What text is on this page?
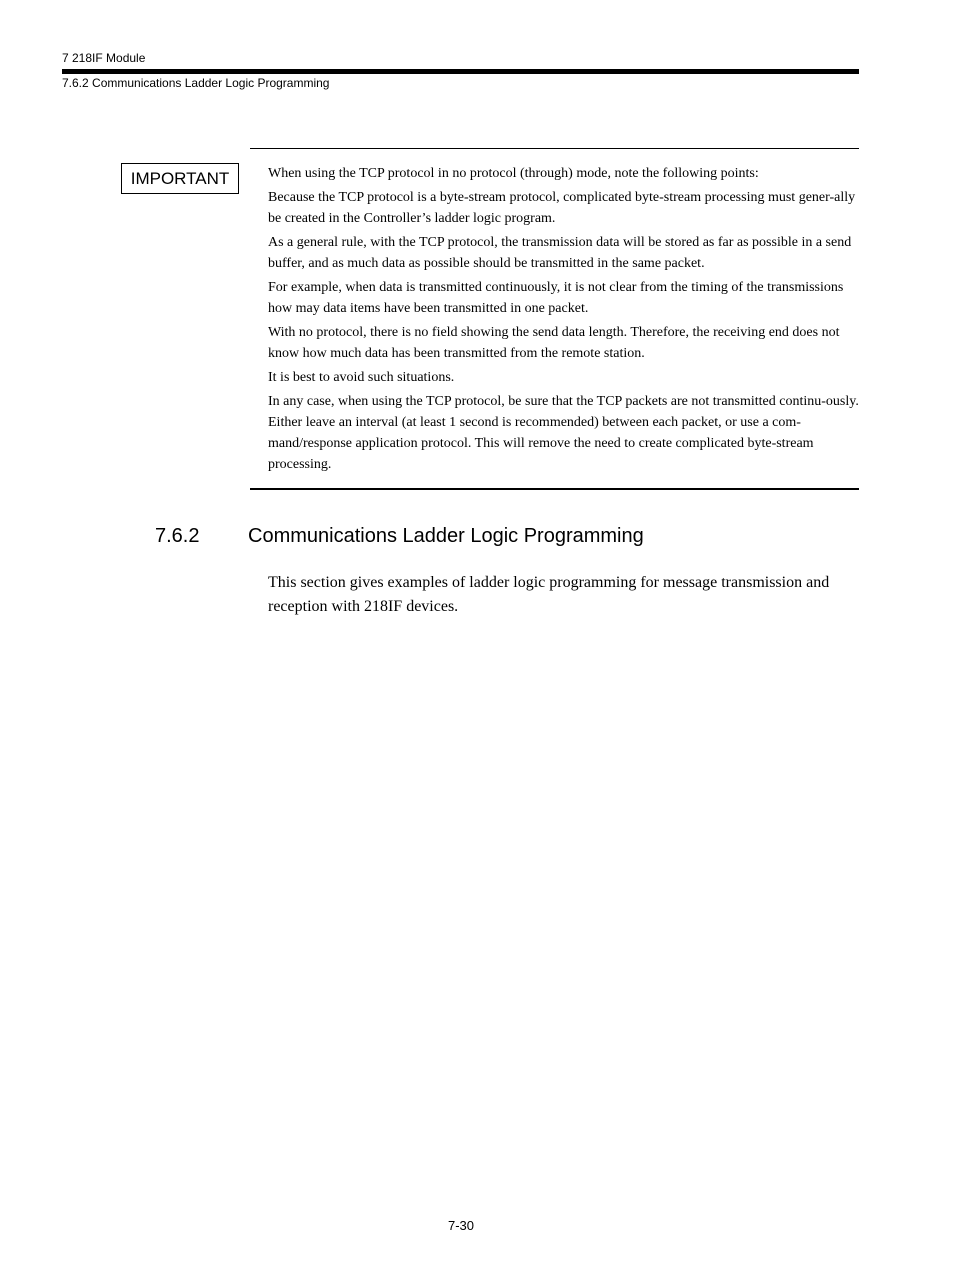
7 218IF Module
7.6.2 Communications Ladder Logic Programming
IMPORTANT	When using the TCP protocol in no protocol (through) mode, note the following points:

Because the TCP protocol is a byte-stream protocol, complicated byte-stream processing must gener-ally be created in the Controller’s ladder logic program.

As a general rule, with the TCP protocol, the transmission data will be stored as far as possible in a send buffer, and as much data as possible should be transmitted in the same packet.

For example, when data is transmitted continuously, it is not clear from the timing of the transmissions how may data items have been transmitted in one packet.

With no protocol, there is no field showing the send data length. Therefore, the receiving end does not know how much data has been transmitted from the remote station.

It is best to avoid such situations.

In any case, when using the TCP protocol, be sure that the TCP packets are not transmitted continu-ously. Either leave an interval (at least 1 second is recommended) between each packet, or use a com-mand/response application protocol. This will remove the need to create complicated byte-stream processing.

7.6.2 Communications Ladder Logic Programming

This section gives examples of ladder logic programming for message transmission and reception with 218IF devices.

7-30
